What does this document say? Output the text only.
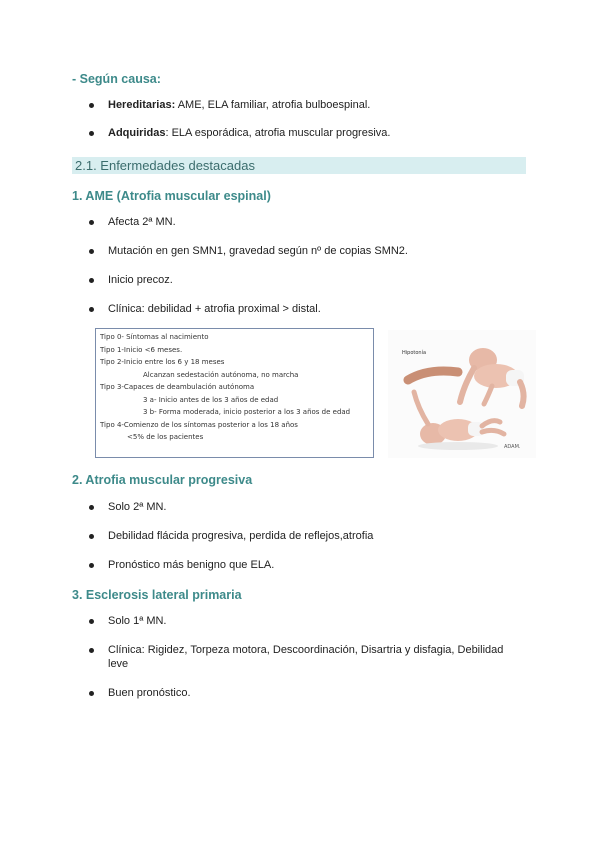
- Según causa:
Hereditarias: AME, ELA familiar, atrofia bulboespinal.
Adquiridas: ELA esporádica, atrofia muscular progresiva.
2.1. Enfermedades destacadas
1. AME (Atrofia muscular espinal)
Afecta 2ª MN.
Mutación en gen SMN1, gravedad según nº de copias SMN2.
Inicio precoz.
Clínica: debilidad + atrofia proximal > distal.
Tipo 0- Síntomas al nacimiento
Tipo 1-Inicio <6 meses.
Tipo 2-Inicio entre los 6 y 18 meses
Alcanzan sedestación autónoma, no marcha
Tipo 3-Capaces de deambulación autónoma
3 a- Inicio antes de los 3 años de edad
3 b- Forma moderada, inicio posterior a los 3 años de edad
Tipo 4-Comienzo de los síntomas posterior a los 18 años
<5% de los pacientes
Hipotonía
ADAM.
2. Atrofia muscular progresiva
Solo 2ª MN.
Debilidad flácida progresiva, perdida de reflejos,atrofia
Pronóstico más benigno que ELA.
3. Esclerosis lateral primaria
Solo 1ª MN.
Clínica: Rigidez, Torpeza motora, Descoordinación, Disartria y disfagia, Debilidad leve
Buen pronóstico.
